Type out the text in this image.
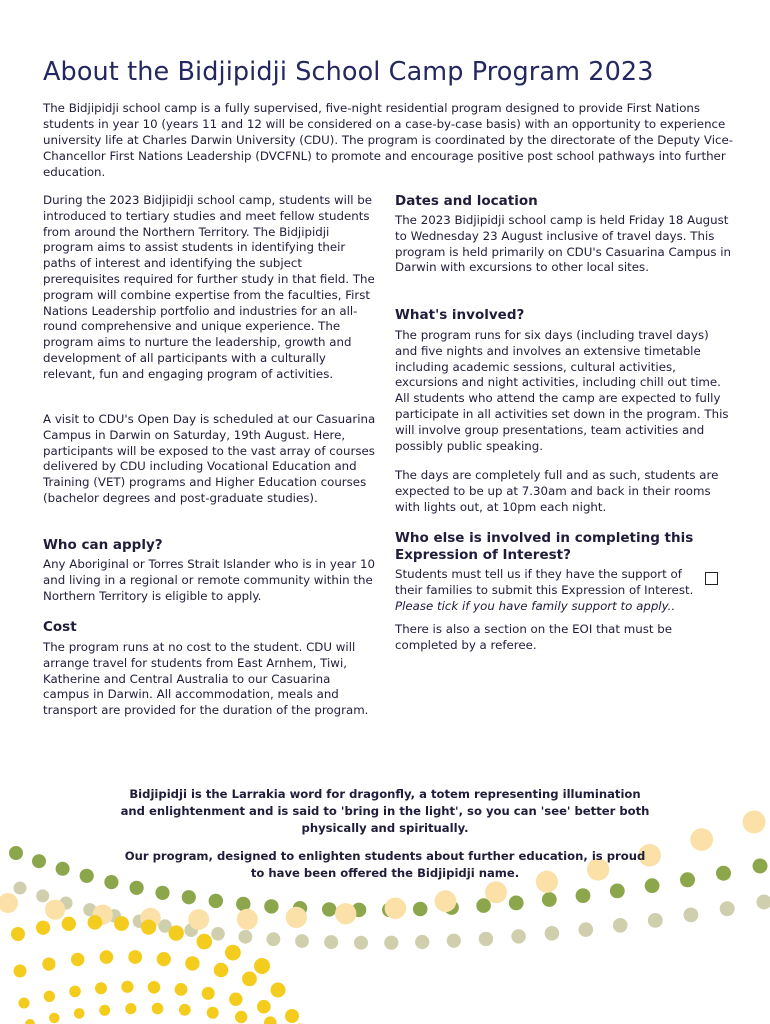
About the Bidjipidji School Camp Program 2023

The Bidjipidji school camp is a fully supervised, five-night residential program designed to provide First Nations students in year 10 (years 11 and 12 will be considered on a case-by-case basis) with an opportunity to experience university life at Charles Darwin University (CDU). The program is coordinated by the directorate of the Deputy Vice-Chancellor First Nations Leadership (DVCFNL) to promote and encourage positive post school pathways into further education.

During the 2023 Bidjipidji school camp, students will be introduced to tertiary studies and meet fellow students from around the Northern Territory. The Bidjipidji program aims to assist students in identifying their paths of interest and identifying the subject prerequisites required for further study in that field. The program will combine expertise from the faculties, First Nations Leadership portfolio and industries for an all-round comprehensive and unique experience. The program aims to nurture the leadership, growth and development of all participants with a culturally relevant, fun and engaging program of activities.

A visit to CDU's Open Day is scheduled at our Casuarina Campus in Darwin on Saturday, 19th August. Here, participants will be exposed to the vast array of courses delivered by CDU including Vocational Education and Training (VET) programs and Higher Education courses (bachelor degrees and post-graduate studies).

Who can apply?

Any Aboriginal or Torres Strait Islander who is in year 10 and living in a regional or remote community within the Northern Territory is eligible to apply.

Cost

The program runs at no cost to the student. CDU will arrange travel for students from East Arnhem, Tiwi, Katherine and Central Australia to our Casuarina campus in Darwin. All accommodation, meals and transport are provided for the duration of the program.

Dates and location

The 2023 Bidjipidji school camp is held Friday 18 August to Wednesday 23 August inclusive of travel days. This program is held primarily on CDU's Casuarina Campus in Darwin with excursions to other local sites.

What's involved?

The program runs for six days (including travel days) and five nights and involves an extensive timetable including academic sessions, cultural activities, excursions and night activities, including chill out time. All students who attend the camp are expected to fully participate in all activities set down in the program. This will involve group presentations, team activities and possibly public speaking.

The days are completely full and as such, students are expected to be up at 7.30am and back in their rooms with lights out, at 10pm each night.

Who else is involved in completing this Expression of Interest?

Students must tell us if they have the support of their families to submit this Expression of Interest.
Please tick if you have family support to apply..

There is also a section on the EOI that must be completed by a referee.

Bidjipidji is the Larrakia word for dragonfly, a totem representing illumination and enlightenment and is said to 'bring in the light', so you can 'see' better both physically and spiritually.

Our program, designed to enlighten students about further education, is proud to have been offered the Bidjipidji name.
